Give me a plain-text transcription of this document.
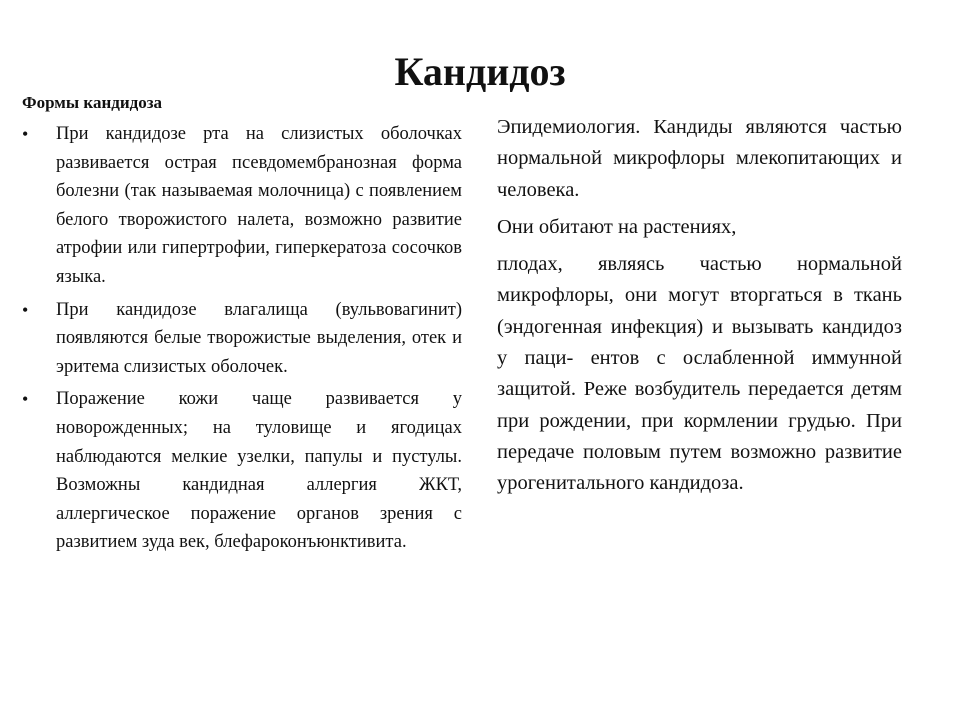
Кандидоз
Формы кандидоза
• При кандидозе рта на слизистых оболочках развивается острая псевдомембранозная форма болезни (так называемая молочница) с появлением белого творожистого налета, возможно развитие атрофии или гипертрофии, гиперкератоза сосочков языка.
• При кандидозе влагалища (вульвовагинит) появляются белые творожистые выделения, отек и эритема слизистых оболочек.
• Поражение кожи чаще развивается у новорожденных; на туловище и ягодицах наблюдаются мелкие узелки, папулы и пустулы. Возможны кандидная аллергия ЖКТ, аллергическое поражение органов зрения с развитием зуда век, блефароконъюнктивита.

Эпидемиология. Кандиды являются частью нормальной микрофлоры млекопитающих и человека.

Они обитают на растениях,

плодах, являясь частью нормальной микрофлоры, они могут вторгаться в ткань (эндогенная инфекция) и вызывать кандидоз у паци- ентов с ослабленной иммунной защитой. Реже возбудитель передается детям при рождении, при кормлении грудью. При передаче половым путем возможно развитие урогенитального кандидоза.
